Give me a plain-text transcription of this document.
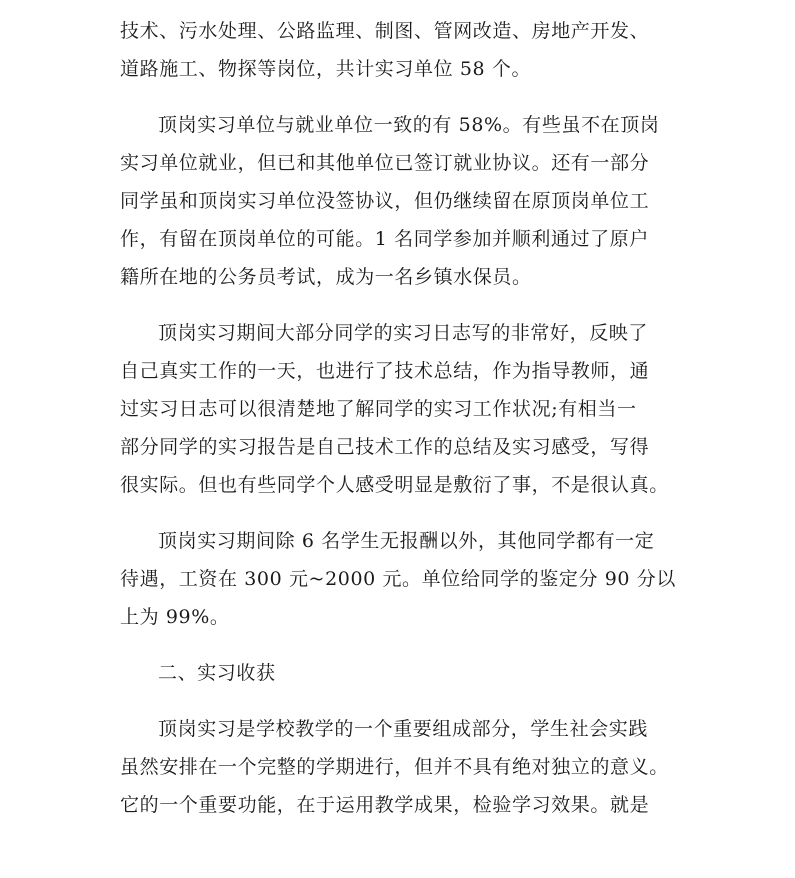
技术、污水处理、公路监理、制图、管网改造、房地产开发、

道路施工、物探等岗位，共计实习单位 58 个。

顶岗实习单位与就业单位一致的有 58%。有些虽不在顶岗

实习单位就业，但已和其他单位已签订就业协议。还有一部分

同学虽和顶岗实习单位没签协议，但仍继续留在原顶岗单位工

作，有留在顶岗单位的可能。1 名同学参加并顺利通过了原户

籍所在地的公务员考试，成为一名乡镇水保员。

顶岗实习期间大部分同学的实习日志写的非常好，反映了

自己真实工作的一天，也进行了技术总结，作为指导教师，通

过实习日志可以很清楚地了解同学的实习工作状况;有相当一

部分同学的实习报告是自己技术工作的总结及实习感受，写得

很实际。但也有些同学个人感受明显是敷衍了事，不是很认真。

顶岗实习期间除 6 名学生无报酬以外，其他同学都有一定

待遇，工资在 300 元~2000 元。单位给同学的鉴定分 90 分以

上为 99%。

二、实习收获

顶岗实习是学校教学的一个重要组成部分，学生社会实践

虽然安排在一个完整的学期进行，但并不具有绝对独立的意义。

它的一个重要功能，在于运用教学成果，检验学习效果。就是
